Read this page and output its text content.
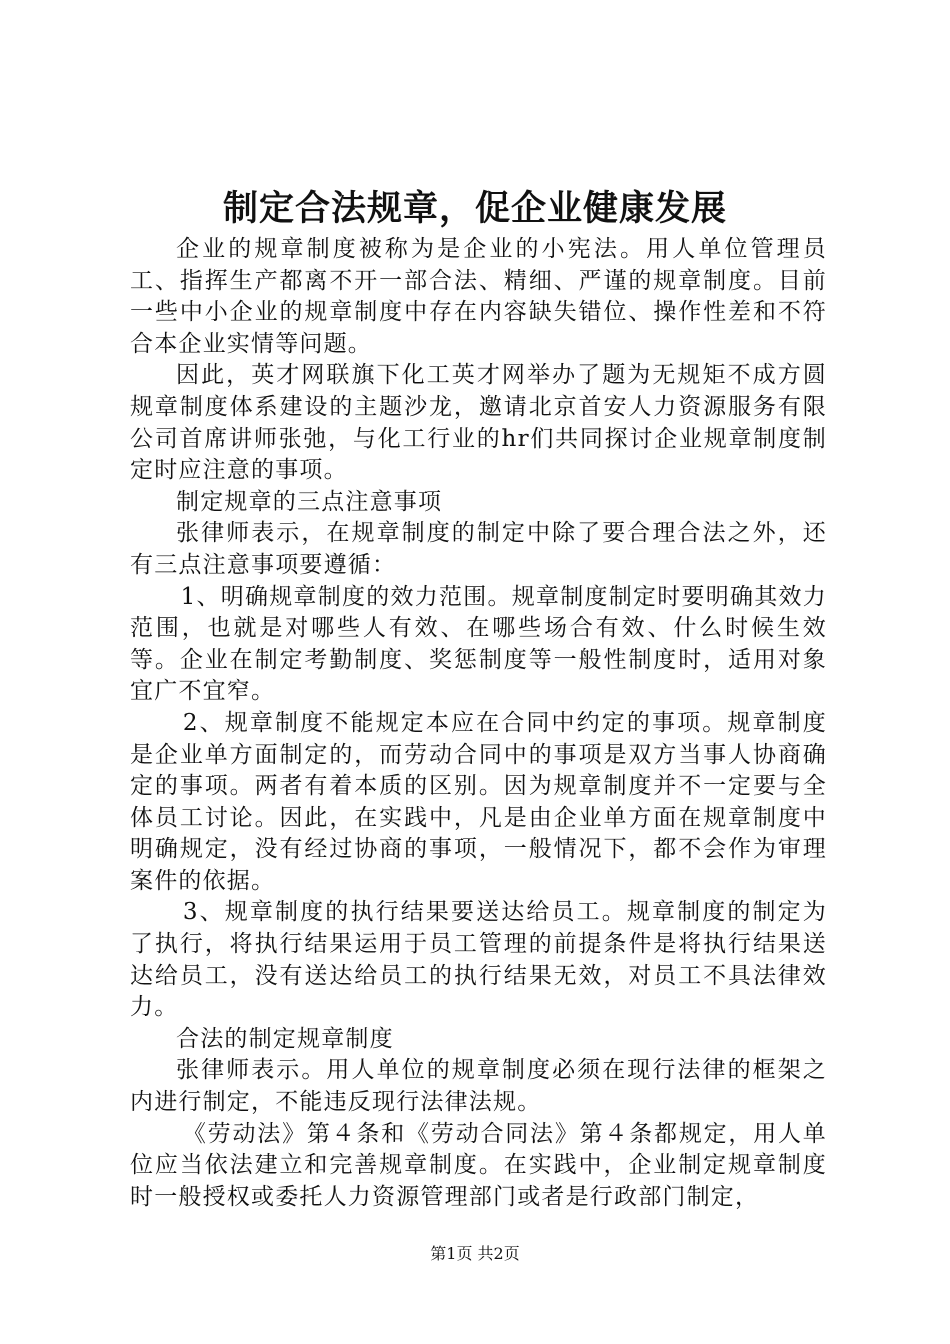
制定合法规章，促企业健康发展

企业的规章制度被称为是企业的小宪法。用人单位管理员工、指挥生产都离不开一部合法、精细、严谨的规章制度。目前一些中小企业的规章制度中存在内容缺失错位、操作性差和不符合本企业实情等问题。

因此，英才网联旗下化工英才网举办了题为无规矩不成方圆规章制度体系建设的主题沙龙，邀请北京首安人力资源服务有限公司首席讲师张弛，与化工行业的hr们共同探讨企业规章制度制定时应注意的事项。

制定规章的三点注意事项

张律师表示，在规章制度的制定中除了要合理合法之外，还有三点注意事项要遵循：

1、明确规章制度的效力范围。规章制度制定时要明确其效力范围，也就是对哪些人有效、在哪些场合有效、什么时候生效等。企业在制定考勤制度、奖惩制度等一般性制度时，适用对象宜广不宜窄。

2、规章制度不能规定本应在合同中约定的事项。规章制度是企业单方面制定的，而劳动合同中的事项是双方当事人协商确定的事项。两者有着本质的区别。因为规章制度并不一定要与全体员工讨论。因此，在实践中，凡是由企业单方面在规章制度中明确规定，没有经过协商的事项，一般情况下，都不会作为审理案件的依据。

3、规章制度的执行结果要送达给员工。规章制度的制定为了执行，将执行结果运用于员工管理的前提条件是将执行结果送达给员工，没有送达给员工的执行结果无效，对员工不具法律效力。

合法的制定规章制度

张律师表示。用人单位的规章制度必须在现行法律的框架之内进行制定，不能违反现行法律法规。

《劳动法》第４条和《劳动合同法》第４条都规定，用人单位应当依法建立和完善规章制度。在实践中，企业制定规章制度时一般授权或委托人力资源管理部门或者是行政部门制定，

第1页 共2页
